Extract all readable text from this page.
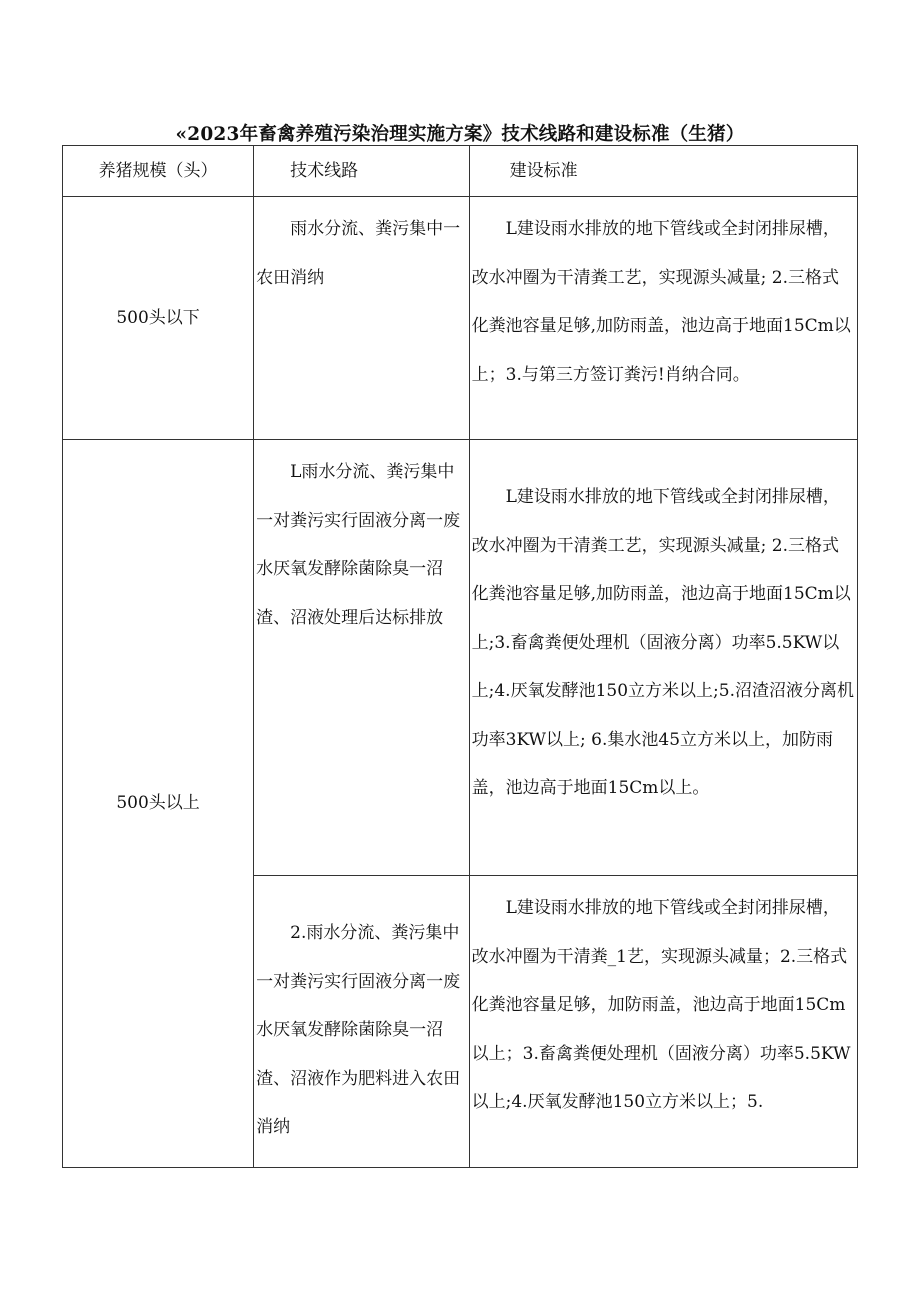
«2023年畜禽养殖污染治理实施方案》技术线路和建设标准（生猪）
养猪规模（头）	技术线路	建设标准
500头以下	雨水分流、粪污集中一农田消纳	L建设雨水排放的地下管线或全封闭排尿槽，改水冲圈为干清粪工艺，实现源头减量; 2.三格式化粪池容量足够,加防雨盖，池边高于地面15Cm以上；3.与第三方签订粪污!肖纳合同。

500头以上	L雨水分流、粪污集中一对粪污实行固液分离一废水厌氧发酵除菌除臭一沼渣、沼液处理后达标排放	L建设雨水排放的地下管线或全封闭排尿槽，改水冲圈为干清粪工艺，实现源头减量; 2.三格式化粪池容量足够,加防雨盖，池边高于地面15Cm以上;3.畜禽粪便处理机（固液分离）功率5.5KW以上;4.厌氧发酵池150立方米以上;5.沼渣沼液分离机功率3KW以上; 6.集水池45立方米以上，加防雨盖，池边高于地面15Cm以上。

	2.雨水分流、粪污集中一对粪污实行固液分离一废水厌氧发酵除菌除臭一沼渣、沼液作为肥料进入农田消纳	L建设雨水排放的地下管线或全封闭排尿槽，改水冲圈为干清粪_1艺，实现源头减量；2.三格式化粪池容量足够，加防雨盖，池边高于地面15Cm以上；3.畜禽粪便处理机（固液分离）功率5.5KW以上;4.厌氧发酵池150立方米以上；5.
